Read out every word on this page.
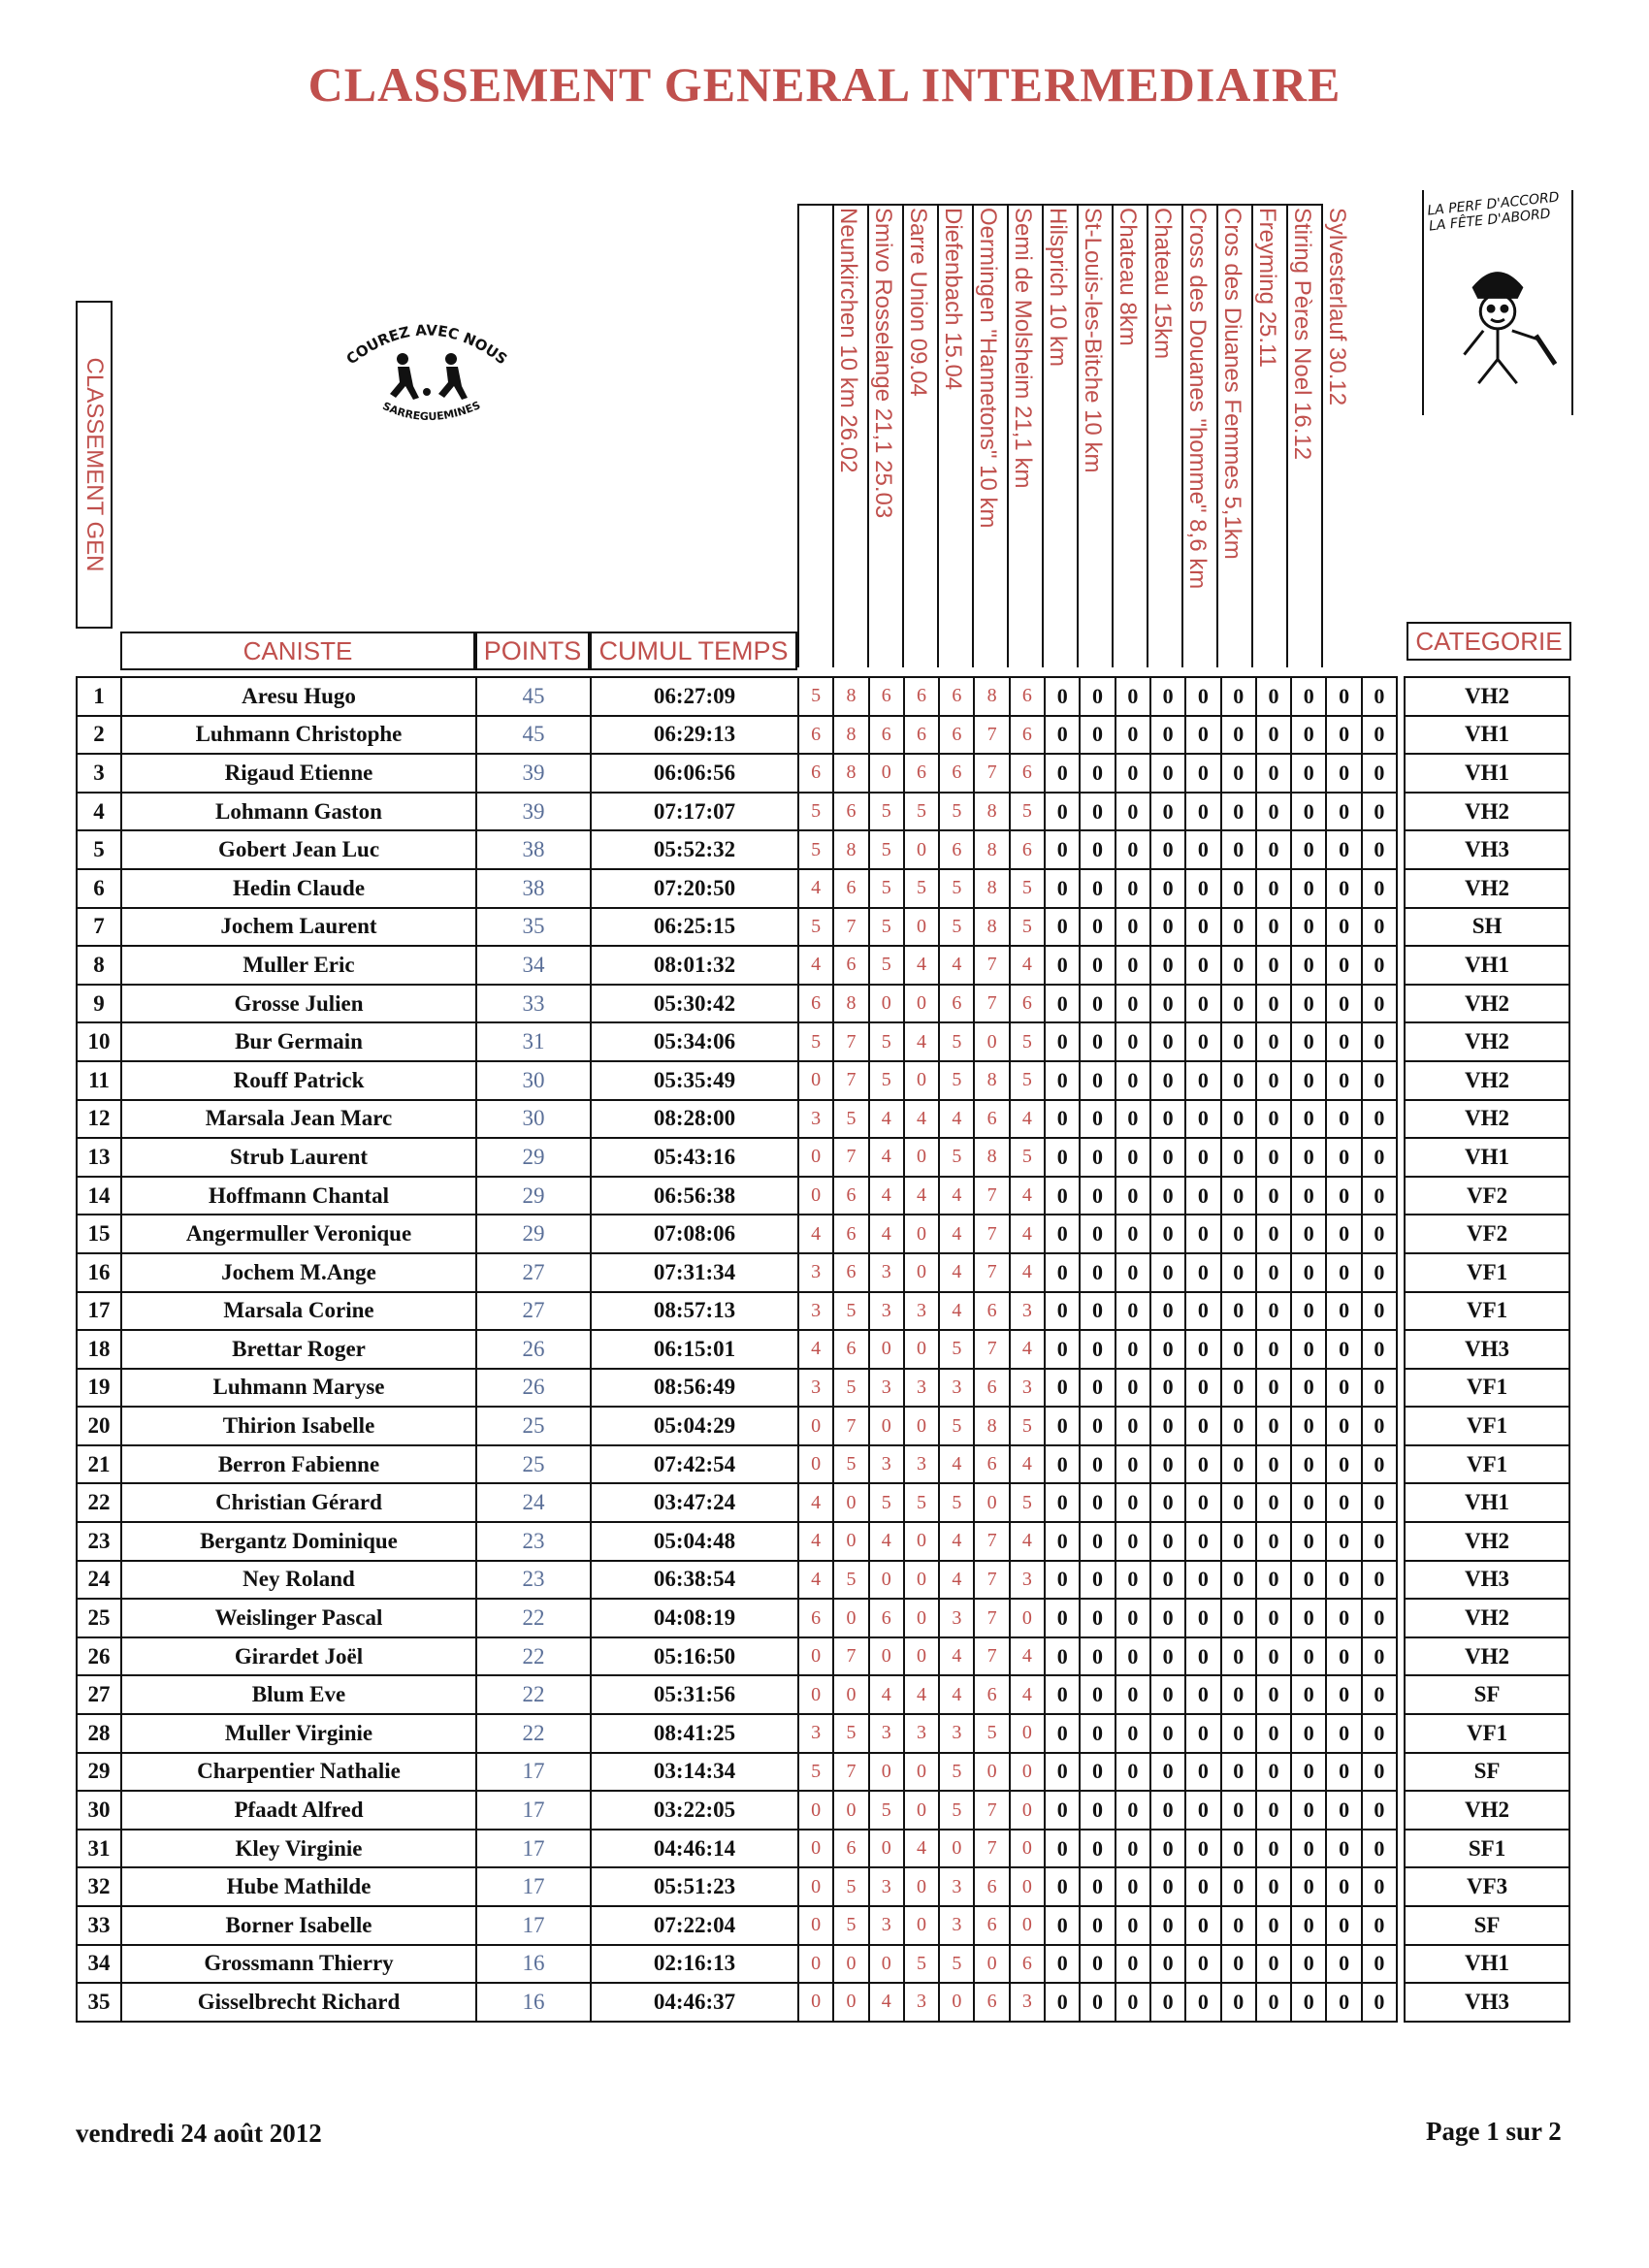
CLASSEMENT GENERAL INTERMEDIAIRE
CLASSEMENT GEN	COUREZ AVEC NOUS
SARREGUEMINES
LA PERF D'ACCORD LA FÊTE D'ABORD
CANISTE	POINTS CUMUL TEMPS	CATEGORIE
Neunkirchen 10 km 26.02 Smivo Rosselange 21,1 25.03 Sarre Union 09.04 Diefenbach 15.04 Oermingen "Hannetons" 10 km Semi de Molsheim 21,1 km Hilsprich 10 km St-Louis-les-Bitche 10 km Chateau 8km Chateau 15km Cross des Douanes "homme" 8,6 km Cros des Diuanes Femmes 5,1km Freyming 25.11 Stiring Pères Noel 16.12 Sylvesterlauf 30.12
1	Aresu Hugo	45	06:27:09	5	8	6	6	6	8	6	0	0	0	0	0	0	0	0	0	0		VH2
2	Luhmann Christophe	45	06:29:13	6	8	6	6	6	7	6	0	0	0	0	0	0	0	0	0	0		VH1
3	Rigaud Etienne	39	06:06:56	6	8	0	6	6	7	6	0	0	0	0	0	0	0	0	0	0		VH1
4	Lohmann Gaston	39	07:17:07	5	6	5	5	5	8	5	0	0	0	0	0	0	0	0	0	0		VH2
5	Gobert Jean Luc	38	05:52:32	5	8	5	0	6	8	6	0	0	0	0	0	0	0	0	0	0		VH3
6	Hedin Claude	38	07:20:50	4	6	5	5	5	8	5	0	0	0	0	0	0	0	0	0	0		VH2
7	Jochem Laurent	35	06:25:15	5	7	5	0	5	8	5	0	0	0	0	0	0	0	0	0	0		SH
8	Muller Eric	34	08:01:32	4	6	5	4	4	7	4	0	0	0	0	0	0	0	0	0	0		VH1
9	Grosse Julien	33	05:30:42	6	8	0	0	6	7	6	0	0	0	0	0	0	0	0	0	0		VH2
10	Bur Germain	31	05:34:06	5	7	5	4	5	0	5	0	0	0	0	0	0	0	0	0	0		VH2
11	Rouff Patrick	30	05:35:49	0	7	5	0	5	8	5	0	0	0	0	0	0	0	0	0	0		VH2
12	Marsala Jean Marc	30	08:28:00	3	5	4	4	4	6	4	0	0	0	0	0	0	0	0	0	0		VH2
13	Strub Laurent	29	05:43:16	0	7	4	0	5	8	5	0	0	0	0	0	0	0	0	0	0		VH1
14	Hoffmann Chantal	29	06:56:38	0	6	4	4	4	7	4	0	0	0	0	0	0	0	0	0	0		VF2
15	Angermuller Veronique	29	07:08:06	4	6	4	0	4	7	4	0	0	0	0	0	0	0	0	0	0		VF2
16	Jochem M.Ange	27	07:31:34	3	6	3	0	4	7	4	0	0	0	0	0	0	0	0	0	0		VF1
17	Marsala Corine	27	08:57:13	3	5	3	3	4	6	3	0	0	0	0	0	0	0	0	0	0		VF1
18	Brettar Roger	26	06:15:01	4	6	0	0	5	7	4	0	0	0	0	0	0	0	0	0	0		VH3
19	Luhmann Maryse	26	08:56:49	3	5	3	3	3	6	3	0	0	0	0	0	0	0	0	0	0		VF1
20	Thirion Isabelle	25	05:04:29	0	7	0	0	5	8	5	0	0	0	0	0	0	0	0	0	0		VF1
21	Berron Fabienne	25	07:42:54	0	5	3	3	4	6	4	0	0	0	0	0	0	0	0	0	0		VF1
22	Christian Gérard	24	03:47:24	4	0	5	5	5	0	5	0	0	0	0	0	0	0	0	0	0		VH1
23	Bergantz Dominique	23	05:04:48	4	0	4	0	4	7	4	0	0	0	0	0	0	0	0	0	0		VH2
24	Ney Roland	23	06:38:54	4	5	0	0	4	7	3	0	0	0	0	0	0	0	0	0	0		VH3
25	Weislinger Pascal	22	04:08:19	6	0	6	0	3	7	0	0	0	0	0	0	0	0	0	0	0		VH2
26	Girardet Joël	22	05:16:50	0	7	0	0	4	7	4	0	0	0	0	0	0	0	0	0	0		VH2
27	Blum Eve	22	05:31:56	0	0	4	4	4	6	4	0	0	0	0	0	0	0	0	0	0		SF
28	Muller Virginie	22	08:41:25	3	5	3	3	3	5	0	0	0	0	0	0	0	0	0	0	0		VF1
29	Charpentier Nathalie	17	03:14:34	5	7	0	0	5	0	0	0	0	0	0	0	0	0	0	0	0		SF
30	Pfaadt Alfred	17	03:22:05	0	0	5	0	5	7	0	0	0	0	0	0	0	0	0	0	0		VH2
31	Kley Virginie	17	04:46:14	0	6	0	4	0	7	0	0	0	0	0	0	0	0	0	0	0		SF1
32	Hube Mathilde	17	05:51:23	0	5	3	0	3	6	0	0	0	0	0	0	0	0	0	0	0		VF3
33	Borner Isabelle	17	07:22:04	0	5	3	0	3	6	0	0	0	0	0	0	0	0	0	0	0		SF
34	Grossmann Thierry	16	02:16:13	0	0	0	5	5	0	6	0	0	0	0	0	0	0	0	0	0		VH1
35	Gisselbrecht Richard	16	04:46:37	0	0	4	3	0	6	3	0	0	0	0	0	0	0	0	0	0		VH3
vendredi 24 août 2012	Page 1 sur 2
